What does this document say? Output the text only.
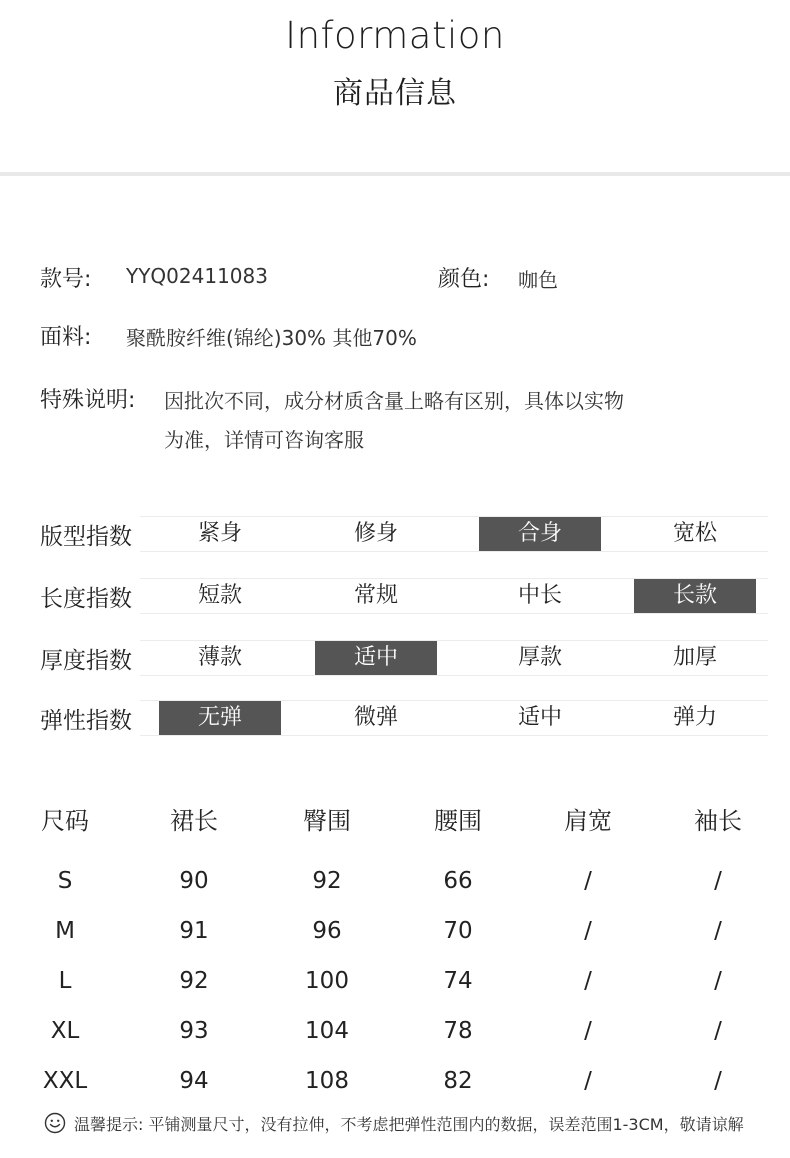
Information
商品信息
款号: YYQ02411083	颜色: 咖色
面料: 聚酰胺纤维(锦纶)30% 其他70%
特殊说明: 因批次不同，成分材质含量上略有区别，具体以实物
为准，详情可咨询客服
版型指数	紧身	修身	合身	宽松
长度指数	短款	常规	中长	长款
厚度指数	薄款	适中	厚款	加厚
弹性指数	无弹	微弹	适中	弹力
尺码	裙长	臀围	腰围	肩宽	袖长
S	90	92	66	/	/
M	91	96	70	/	/
L	92	100	74	/	/
XL	93	104	78	/	/
XXL	94	108	82	/	/
温馨提示: 平铺测量尺寸，没有拉伸，不考虑把弹性范围内的数据，误差范围1-3CM，敬请谅解
